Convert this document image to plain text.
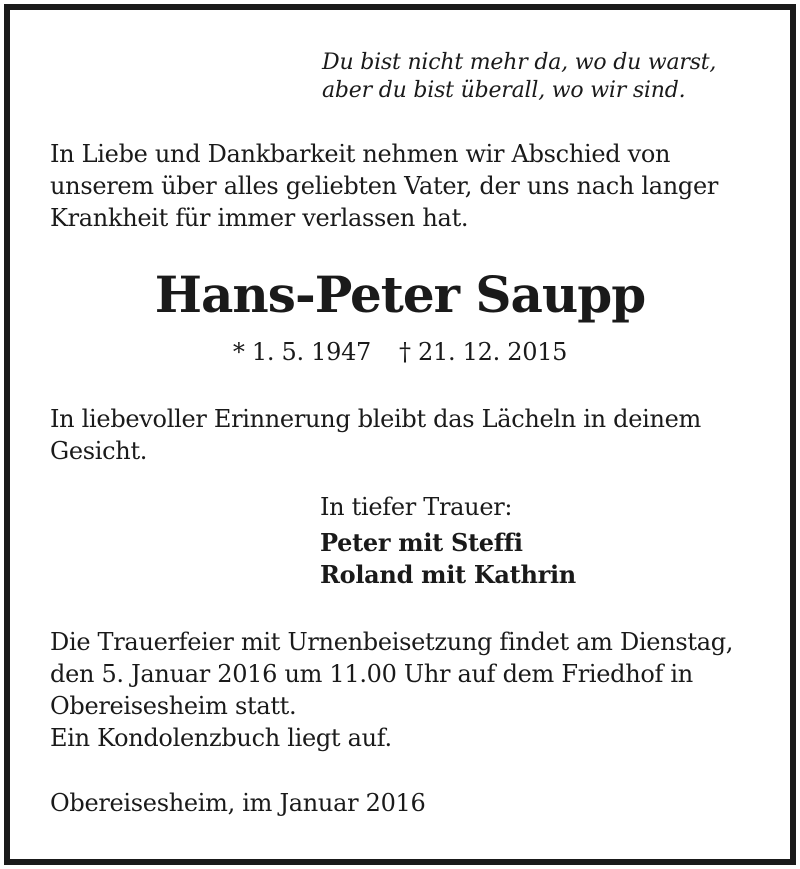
Du bist nicht mehr da, wo du warst,
aber du bist überall, wo wir sind.
In Liebe und Dankbarkeit nehmen wir Abschied von
unserem über alles geliebten Vater, der uns nach langer
Krankheit für immer verlassen hat.
Hans-Peter Saupp
* 1. 5. 1947 † 21. 12. 2015
In liebevoller Erinnerung bleibt das Lächeln in deinem
Gesicht.
In tiefer Trauer:
Peter mit Steffi
Roland mit Kathrin
Die Trauerfeier mit Urnenbeisetzung findet am Dienstag,
den 5. Januar 2016 um 11.00 Uhr auf dem Friedhof in
Obereisesheim statt.
Ein Kondolenzbuch liegt auf.
Obereisesheim, im Januar 2016
